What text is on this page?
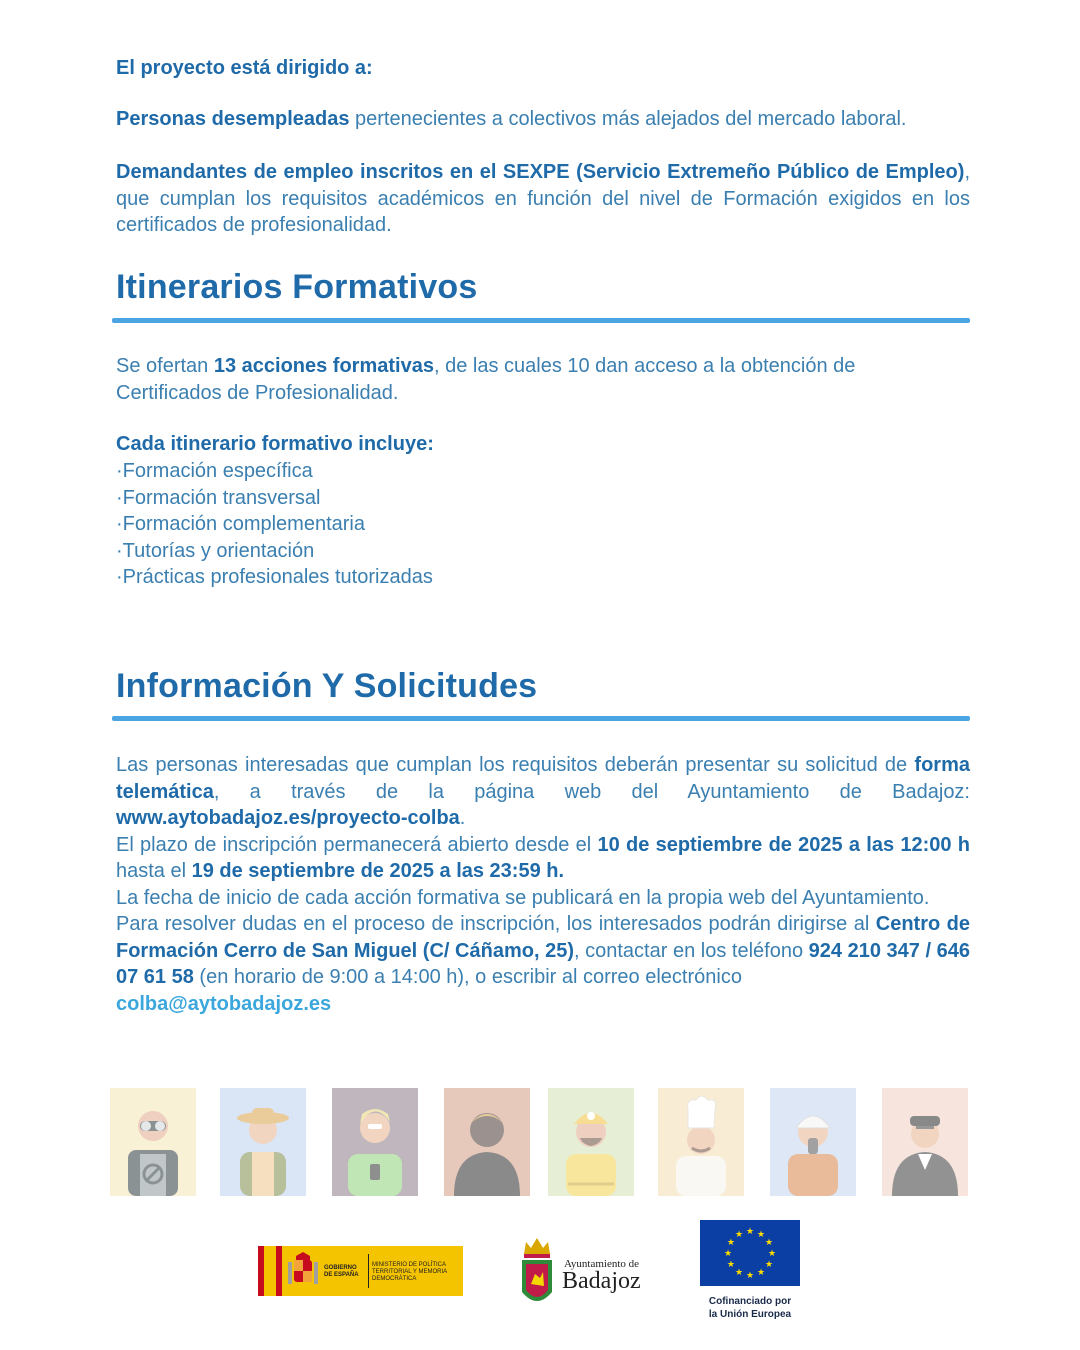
El proyecto está dirigido a:
Personas desempleadas pertenecientes a colectivos más alejados del mercado laboral.
Demandantes de empleo inscritos en el SEXPE (Servicio Extremeño Público de Empleo), que cumplan los requisitos académicos en función del nivel de Formación exigidos en los certificados de profesionalidad.
Itinerarios Formativos
Se ofertan 13 acciones formativas, de las cuales 10 dan acceso a la obtención de Certificados de Profesionalidad.
Cada itinerario formativo incluye:
·Formación específica
·Formación transversal
·Formación complementaria
·Tutorías y orientación
·Prácticas profesionales tutorizadas
Información Y Solicitudes
Las personas interesadas que cumplan los requisitos deberán presentar su solicitud de forma telemática, a través de la página web del Ayuntamiento de Badajoz: www.aytobadajoz.es/proyecto-colba.
El plazo de inscripción permanecerá abierto desde el 10 de septiembre de 2025 a las 12:00 h hasta el 19 de septiembre de 2025 a las 23:59 h.
La fecha de inicio de cada acción formativa se publicará en la propia web del Ayuntamiento.
Para resolver dudas en el proceso de inscripción, los interesados podrán dirigirse al Centro de Formación Cerro de San Miguel (C/ Cáñamo, 25), contactar en los teléfono 924 210 347 / 646 07 61 58 (en horario de 9:00 a 14:00 h), o escribir al correo electrónico
colba@aytobadajoz.es
GOBIERNO DE ESPAÑA
MINISTERIO DE POLÍTICA TERRITORIAL Y MEMORIA DEMOCRÁTICA
Ayuntamiento de
Badajoz
★ ★
★
★
★
★
★
★
★
★
★
★
Cofinanciado por
la Unión Europea
